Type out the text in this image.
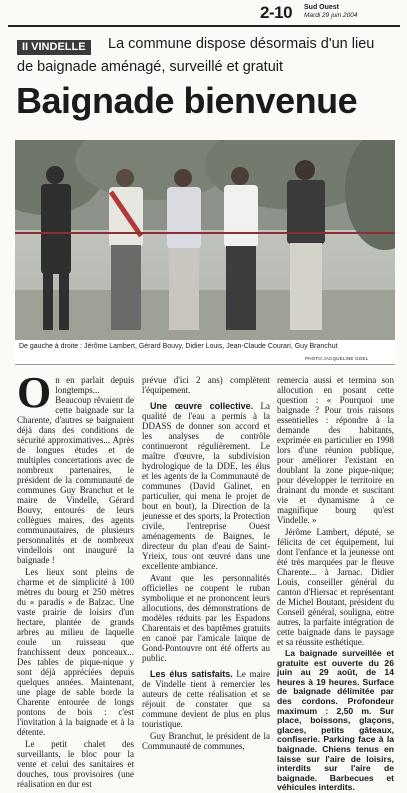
2-10 Sud Ouest
Mardi 29 juin 2004
II VINDELLE	La commune dispose désormais d'un lieu
de baignade aménagé, surveillé et gratuit
Baignade bienvenue
De gauche à droite : Jérôme Lambert, Gérard Bouvy, Didier Louis, Jean-Claude Courari, Guy Branchut
PHOTO JACQUELINE GOEL

On en parlait depuis longtemps... Beaucoup rêvaient de cette baignade sur la Charente, d'autres se baignaient déjà dans des conditions de sécurité approximatives... Après de longues études et de multiples concertations avec de nombreux partenaires, le président de la communauté de communes Guy Branchut et le maire de Vindelle, Gérard Bouvy, entourés de leurs collègues maires, des agents communautaires, de plusieurs personnalités et de nombreux vindellois ont inauguré la baignade !

Les lieux sont pleins de charme et de simplicité à 100 mètres du bourg et 250 mètres du « paradis » de Balzac. Une vaste prairie de loisirs d'un hectare, plantée de grands arbres au milieu de laquelle coule un ruisseau que franchissent deux ponceaux... Des tables de pique-nique y sont déjà appréciées depuis quelques années. Maintenant, une plage de sable borde la Charente entourée de longs pontons de bois : c'est l'invitation à la baignade et à la détente.

Le petit chalet des surveillants, le bloc pour la vente et celui des sanitaires et douches, tous provisoires (une réalisation en dur est

prévue d'ici 2 ans) complètent l'équipement.

Une œuvre collective. La qualité de l'eau a permis à la DDASS de donner son accord et les analyses de contrôle continueront régulièrement. Le maître d'œuvre, la subdivision hydrologique de la DDE, les élus et les agents de la Communauté de communes (David Galinet, en particulier, qui mena le projet de bout en bout), la Direction de la jeunesse et des sports, la Protection civile, l'entreprise Ouest aménagements de Baignes, le directeur du plan d'eau de Saint-Yrieix, tous ont œuvré dans une excellente ambiance.

Avant que les personnalités officielles ne coupent le ruban symbolique et ne prononcent leurs allocutions, des démonstrations de modèles réduits par les Espadons Charentais et des baptêmes gratuits en canoë par l'amicale laïque de Gond-Pontouvre ont été offerts au public.

Les élus satisfaits. Le maire de Vindelle tient à remercier les auteurs de cette réalisation et se réjouit de constater que sa commune devient de plus en plus touristique.

Guy Branchut, le président de la Communauté de communes,

remercia aussi et termina son allocution en posant cette question : « Pourquoi une baignade ? Pour trois raisons essentielles : répondre à la demande des habitants, exprimée en particulier en 1998 lors d'une réunion publique, pour améliorer l'existant en doublant la zone pique-nique; pour développer le territoire en drainant du monde et suscitant vie et dynamisme à ce magnifique bourg qu'est Vindelle. »

Jérôme Lambert, député, se félicita de cet équipement, lui dont l'enfance et la jeunesse ont été très marquées par le fleuve Charente... à Jarnac. Didier Louis, conseiller général du canton d'Hiersac et représentant de Michel Boutant, président du Conseil général, souligna, entre autres, la parfaite intégration de cette baignade dans le paysage et sa réussite esthétique.

La baignade surveillée et gratuite est ouverte du 26 juin au 29 août, de 14 heures à 19 heures. Surface de baignade délimitée par des cordons. Profondeur maximum : 2,50 m. Sur place, boissons, glaçons, glaces, petits gâteaux, confiserie. Parking face à la baignade. Chiens tenus en laisse sur l'aire de loisirs, interdits sur l'aire de baignade. Barbecues et véhicules interdits.
